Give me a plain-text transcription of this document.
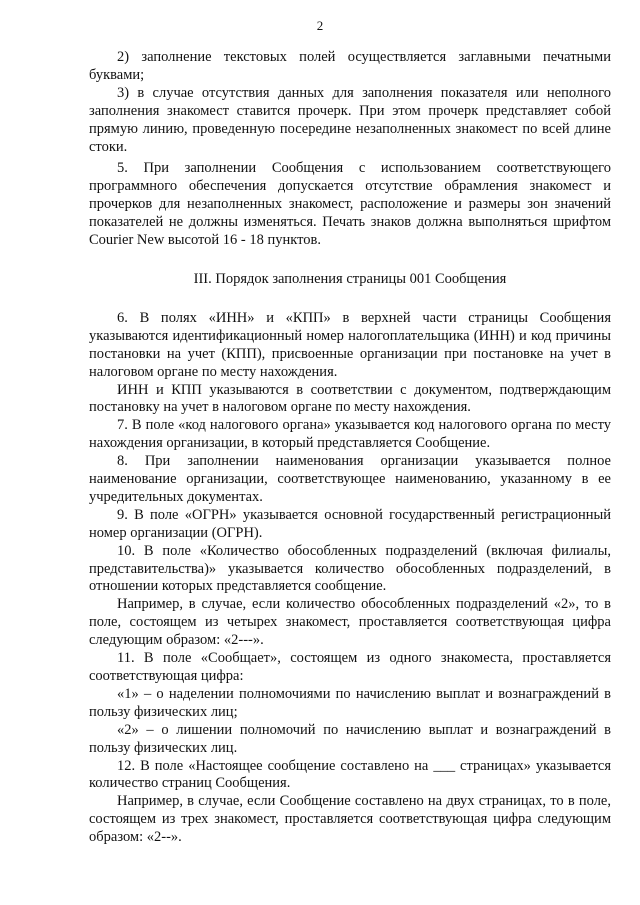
2

2) заполнение текстовых полей осуществляется заглавными печатными буквами;

3) в случае отсутствия данных для заполнения показателя или неполного заполнения знакомест ставится прочерк. При этом прочерк представляет собой прямую линию, проведенную посередине незаполненных знакомест по всей длине стоки.

5. При заполнении Сообщения с использованием соответствующего программного обеспечения допускается отсутствие обрамления знакомест и прочерков для незаполненных знакомест, расположение и размеры зон значений показателей не должны изменяться. Печать знаков должна выполняться шрифтом Courier New высотой 16 - 18 пунктов.

III. Порядок заполнения страницы 001 Сообщения

6. В полях «ИНН» и «КПП» в верхней части страницы Сообщения указываются идентификационный номер налогоплательщика (ИНН) и код причины постановки на учет (КПП), присвоенные организации при постановке на учет в налоговом органе по месту нахождения.

ИНН и КПП указываются в соответствии с документом, подтверждающим постановку на учет в налоговом органе по месту нахождения.

7. В поле «код налогового органа» указывается код налогового органа по месту нахождения организации, в который представляется Сообщение.

8. При заполнении наименования организации указывается полное наименование организации, соответствующее наименованию, указанному в ее учредительных документах.

9. В поле «ОГРН» указывается основной государственный регистрационный номер организации (ОГРН).

10. В поле «Количество обособленных подразделений (включая филиалы, представительства)» указывается количество обособленных подразделений, в отношении которых представляется сообщение.

Например, в случае, если количество обособленных подразделений «2», то в поле, состоящем из четырех знакомест, проставляется соответствующая цифра следующим образом: «2---».

11. В поле «Сообщает», состоящем из одного знакоместа, проставляется соответствующая цифра:

«1» – о наделении полномочиями по начислению выплат и вознаграждений в пользу физических лиц;

«2» – о лишении полномочий по начислению выплат и вознаграждений в пользу физических лиц.

12. В поле «Настоящее сообщение составлено на ___ страницах» указывается количество страниц Сообщения.

Например, в случае, если Сообщение составлено на двух страницах, то в поле, состоящем из трех знакомест, проставляется соответствующая цифра следующим образом: «2--».
